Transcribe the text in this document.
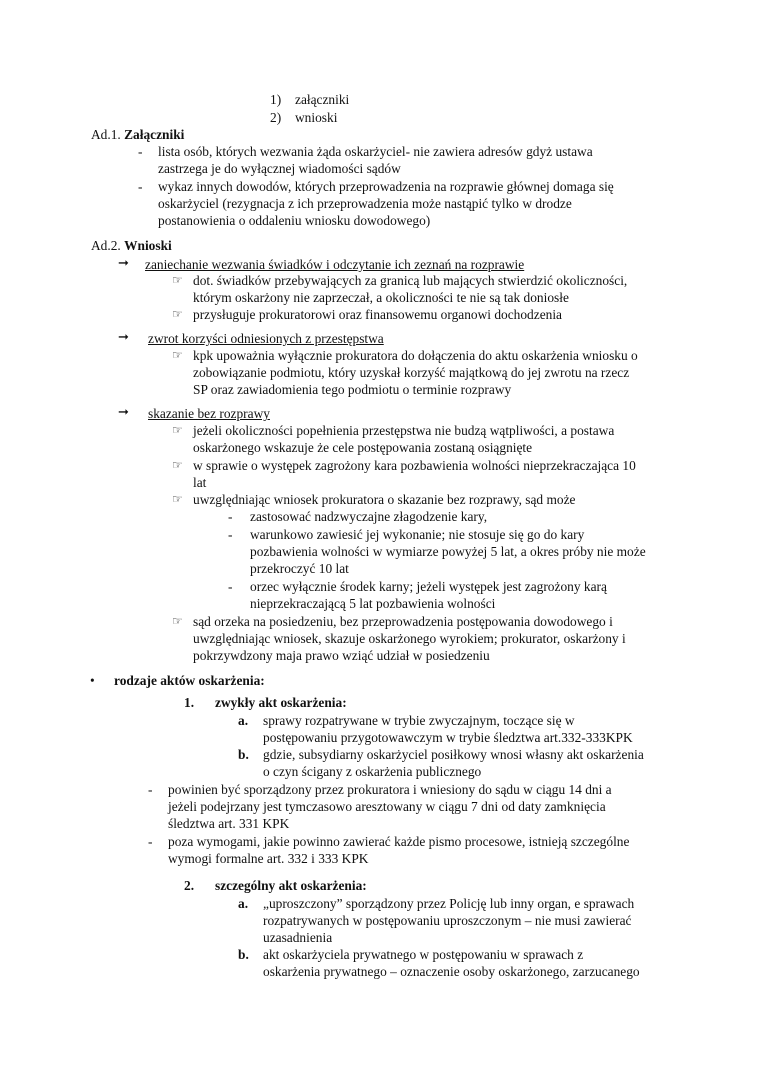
1) załączniki
2) wnioski
Ad.1. Załączniki
- lista osób, których wezwania żąda oskarżyciel- nie zawiera adresów gdyż ustawa
zastrzega je do wyłącznej wiadomości sądów
- wykaz innych dowodów, których przeprowadzenia na rozprawie głównej domaga się
oskarżyciel (rezygnacja z ich przeprowadzenia może nastąpić tylko w drodze
postanowienia o oddaleniu wniosku dowodowego)
Ad.2. Wnioski
➞ zaniechanie wezwania świadków i odczytanie ich zeznań na rozprawie
☞ dot. świadków przebywających za granicą lub mających stwierdzić okoliczności,
którym oskarżony nie zaprzeczał, a okoliczności te nie są tak doniosłe
☞ przysługuje prokuratorowi oraz finansowemu organowi dochodzenia
➞ zwrot korzyści odniesionych z przestępstwa
☞ kpk upoważnia wyłącznie prokuratora do dołączenia do aktu oskarżenia wniosku o
zobowiązanie podmiotu, który uzyskał korzyść majątkową do jej zwrotu na rzecz
SP oraz zawiadomienia tego podmiotu o terminie rozprawy
➞ skazanie bez rozprawy
☞ jeżeli okoliczności popełnienia przestępstwa nie budzą wątpliwości, a postawa
oskarżonego wskazuje że cele postępowania zostaną osiągnięte
☞ w sprawie o występek zagrożony kara pozbawienia wolności nieprzekraczająca 10
lat
☞ uwzględniając wniosek prokuratora o skazanie bez rozprawy, sąd może
- zastosować nadzwyczajne złagodzenie kary,
- warunkowo zawiesić jej wykonanie; nie stosuje się go do kary
pozbawienia wolności w wymiarze powyżej 5 lat, a okres próby nie może
przekroczyć 10 lat
- orzec wyłącznie środek karny; jeżeli występek jest zagrożony karą
nieprzekraczającą 5 lat pozbawienia wolności
☞ sąd orzeka na posiedzeniu, bez przeprowadzenia postępowania dowodowego i
uwzględniając wniosek, skazuje oskarżonego wyrokiem; prokurator, oskarżony i
pokrzywdzony maja prawo wziąć udział w posiedzeniu
• rodzaje aktów oskarżenia:
1. zwykły akt oskarżenia:
a. sprawy rozpatrywane w trybie zwyczajnym, toczące się w
postępowaniu przygotowawczym w trybie śledztwa art.332-333KPK
b. gdzie, subsydiarny oskarżyciel posiłkowy wnosi własny akt oskarżenia
o czyn ścigany z oskarżenia publicznego
- powinien być sporządzony przez prokuratora i wniesiony do sądu w ciągu 14 dni a
jeżeli podejrzany jest tymczasowo aresztowany w ciągu 7 dni od daty zamknięcia
śledztwa art. 331 KPK
- poza wymogami, jakie powinno zawierać każde pismo procesowe, istnieją szczególne
wymogi formalne art. 332 i 333 KPK
2. szczególny akt oskarżenia:
a. „uproszczony” sporządzony przez Policję lub inny organ, e sprawach
rozpatrywanych w postępowaniu uproszczonym – nie musi zawierać
uzasadnienia
b. akt oskarżyciela prywatnego w postępowaniu w sprawach z
oskarżenia prywatnego – oznaczenie osoby oskarżonego, zarzucanego
